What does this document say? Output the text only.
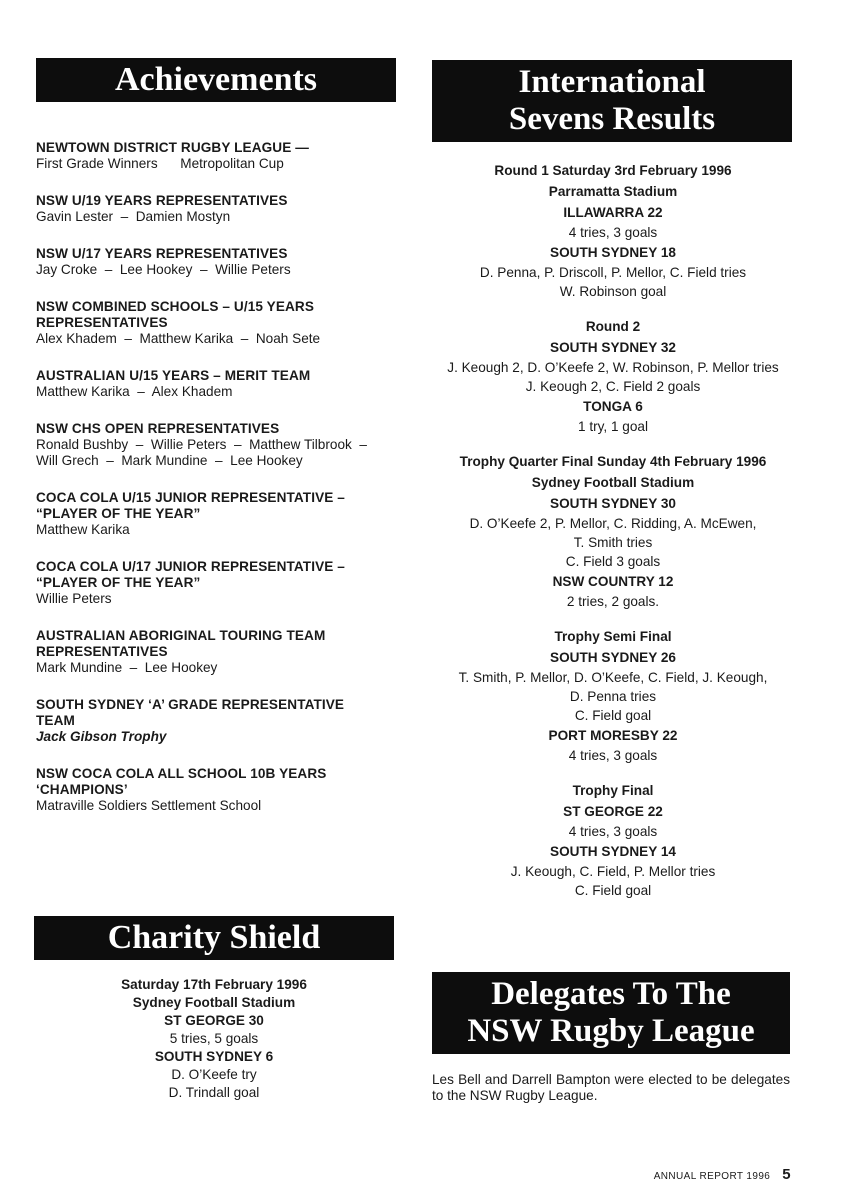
Achievements	International
Sevens Results
Charity Shield
Delegates To The
NSW Rugby League
NEWTOWN DISTRICT RUGBY LEAGUE —
First Grade Winners      Metropolitan Cup
NSW U/19 YEARS REPRESENTATIVES
Gavin Lester  –  Damien Mostyn
NSW U/17 YEARS REPRESENTATIVES
Jay Croke  –  Lee Hookey  –  Willie Peters
NSW COMBINED SCHOOLS – U/15 YEARS
REPRESENTATIVES
Alex Khadem  –  Matthew Karika  –  Noah Sete
AUSTRALIAN U/15 YEARS – MERIT TEAM
Matthew Karika  –  Alex Khadem
NSW CHS OPEN REPRESENTATIVES
Ronald Bushby  –  Willie Peters  –  Matthew Tilbrook  –
Will Grech  –  Mark Mundine  –  Lee Hookey
COCA COLA U/15 JUNIOR REPRESENTATIVE –
“PLAYER OF THE YEAR”
Matthew Karika
COCA COLA U/17 JUNIOR REPRESENTATIVE –
“PLAYER OF THE YEAR”
Willie Peters
AUSTRALIAN ABORIGINAL TOURING TEAM
REPRESENTATIVES
Mark Mundine  –  Lee Hookey
SOUTH SYDNEY ‘A’ GRADE REPRESENTATIVE
TEAM
Jack Gibson Trophy
NSW COCA COLA ALL SCHOOL 10B YEARS
‘CHAMPIONS’
Matraville Soldiers Settlement School
Round 1 Saturday 3rd February 1996
Parramatta Stadium
ILLAWARRA 22
4 tries, 3 goals
SOUTH SYDNEY 18
D. Penna, P. Driscoll, P. Mellor, C. Field tries
W. Robinson goal
Round 2
SOUTH SYDNEY 32
J. Keough 2, D. O’Keefe 2, W. Robinson, P. Mellor tries
J. Keough 2, C. Field 2 goals
TONGA 6
1 try, 1 goal
Trophy Quarter Final Sunday 4th February 1996
Sydney Football Stadium
SOUTH SYDNEY 30
D. O’Keefe 2, P. Mellor, C. Ridding, A. McEwen,
T. Smith tries
C. Field 3 goals
NSW COUNTRY 12
2 tries, 2 goals.
Trophy Semi Final
SOUTH SYDNEY 26
T. Smith, P. Mellor, D. O’Keefe, C. Field, J. Keough,
D. Penna tries
C. Field goal
PORT MORESBY 22
4 tries, 3 goals
Trophy Final
ST GEORGE 22
4 tries, 3 goals
SOUTH SYDNEY 14
J. Keough, C. Field, P. Mellor tries
C. Field goal
Saturday 17th February 1996
Sydney Football Stadium
ST GEORGE 30
5 tries, 5 goals
SOUTH SYDNEY 6
D. O’Keefe try
D. Trindall goal
Les Bell and Darrell Bampton were elected to be delegates to the NSW Rugby League.
ANNUAL REPORT 1996 5
